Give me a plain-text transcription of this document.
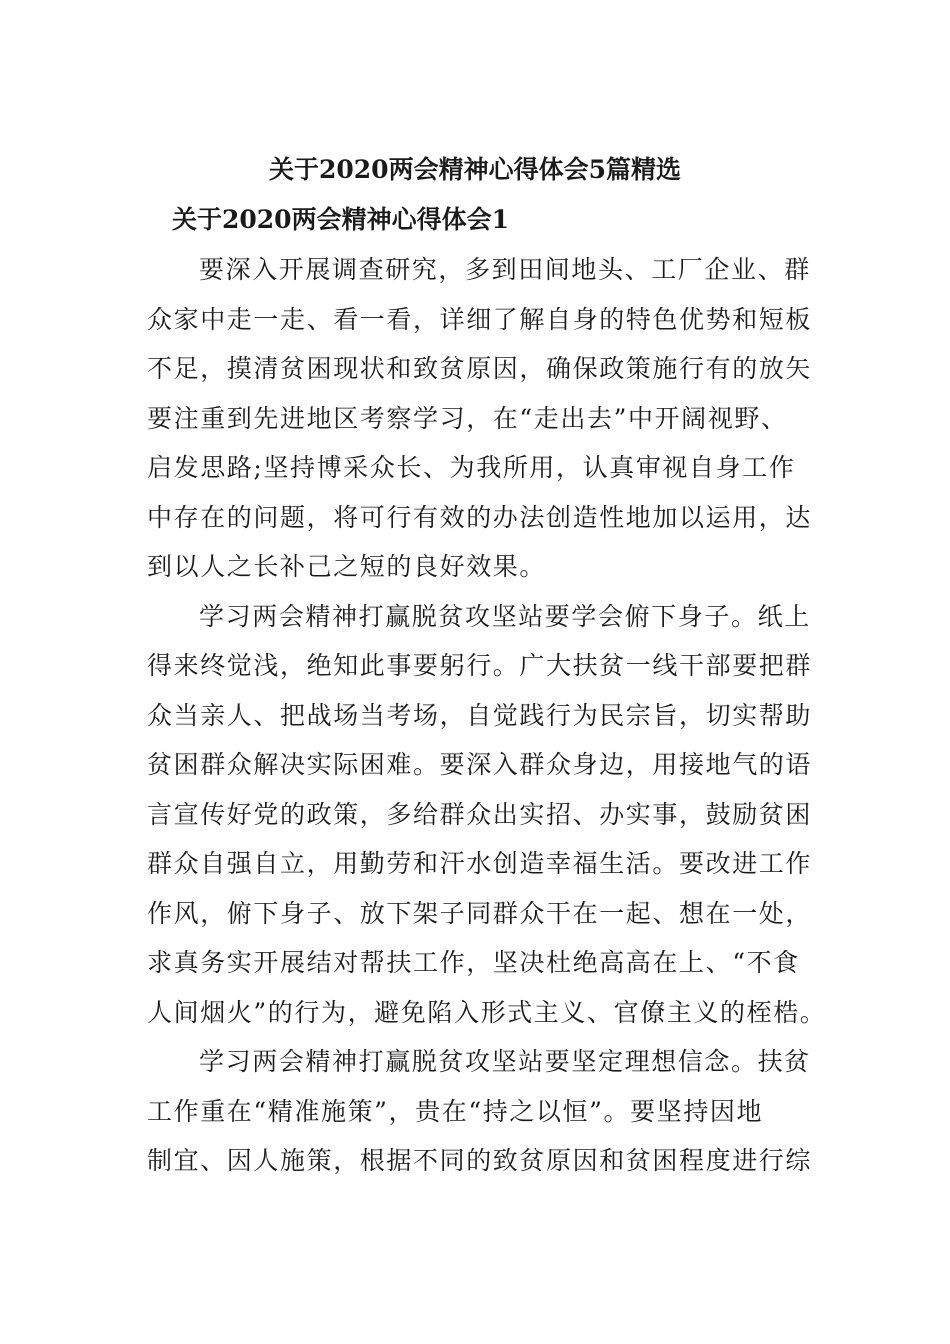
关于2020两会精神心得体会5篇精选
关于2020两会精神心得体会1

要深入开展调查研究，多到田间地头、工厂企业、群
众家中走一走、看一看，详细了解自身的特色优势和短板
不足，摸清贫困现状和致贫原因，确保政策施行有的放矢
要注重到先进地区考察学习，在“走出去”中开阔视野、
启发思路;坚持博采众长、为我所用，认真审视自身工作
中存在的问题，将可行有效的办法创造性地加以运用，达
到以人之长补己之短的良好效果。

学习两会精神打赢脱贫攻坚站要学会俯下身子。纸上
得来终觉浅，绝知此事要躬行。广大扶贫一线干部要把群
众当亲人、把战场当考场，自觉践行为民宗旨，切实帮助
贫困群众解决实际困难。要深入群众身边，用接地气的语
言宣传好党的政策，多给群众出实招、办实事，鼓励贫困
群众自强自立，用勤劳和汗水创造幸福生活。要改进工作
作风，俯下身子、放下架子同群众干在一起、想在一处，
求真务实开展结对帮扶工作，坚决杜绝高高在上、“不食
人间烟火”的行为，避免陷入形式主义、官僚主义的桎梏。

学习两会精神打赢脱贫攻坚站要坚定理想信念。扶贫
工作重在“精准施策”，贵在“持之以恒”。要坚持因地
制宜、因人施策，根据不同的致贫原因和贫困程度进行综
